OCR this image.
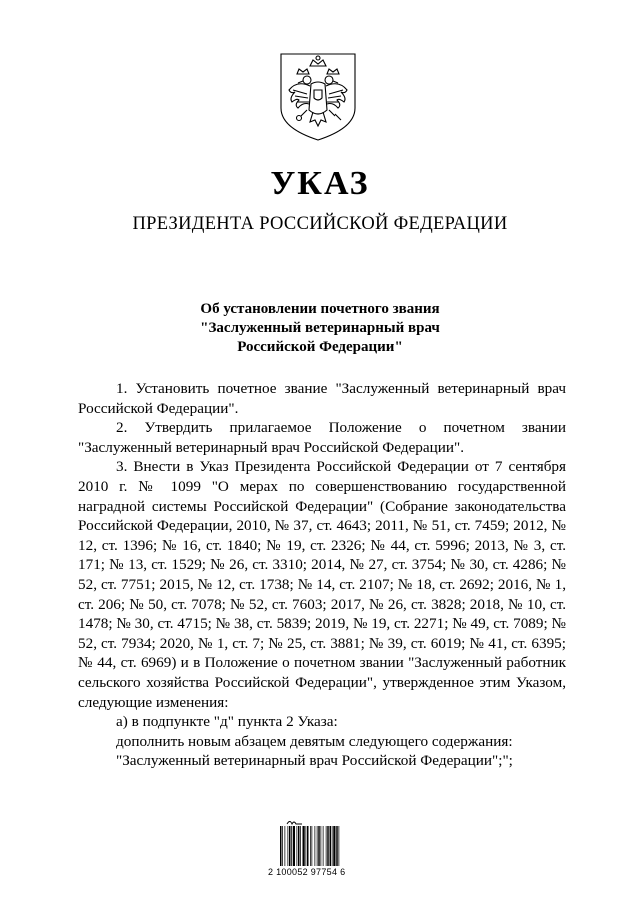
УКАЗ
ПРЕЗИДЕНТА РОССИЙСКОЙ ФЕДЕРАЦИИ
Об установлении почетного звания
"Заслуженный ветеринарный врач
Российской Федерации"

1. Установить почетное звание "Заслуженный ветеринарный врач Российской Федерации".

2. Утвердить прилагаемое Положение о почетном звании "Заслуженный ветеринарный врач Российской Федерации".

3. Внести в Указ Президента Российской Федерации от 7 сентября 2010 г. № 1099 "О мерах по совершенствованию государственной наградной системы Российской Федерации" (Собрание законодательства Российской Федерации, 2010, № 37, ст. 4643; 2011, № 51, ст. 7459; 2012, № 12, ст. 1396; № 16, ст. 1840; № 19, ст. 2326; № 44, ст. 5996; 2013, № 3, ст. 171; № 13, ст. 1529; № 26, ст. 3310; 2014, № 27, ст. 3754; № 30, ст. 4286; № 52, ст. 7751; 2015, № 12, ст. 1738; № 14, ст. 2107; № 18, ст. 2692; 2016, № 1, ст. 206; № 50, ст. 7078; № 52, ст. 7603; 2017, № 26, ст. 3828; 2018, № 10, ст. 1478; № 30, ст. 4715; № 38, ст. 5839; 2019, № 19, ст. 2271; № 49, ст. 7089; № 52, ст. 7934; 2020, № 1, ст. 7; № 25, ст. 3881; № 39, ст. 6019; № 41, ст. 6395; № 44, ст. 6969) и в Положение о почетном звании "Заслуженный работник сельского хозяйства Российской Федерации", утвержденное этим Указом, следующие изменения:

а) в подпункте "д" пункта 2 Указа:

дополнить новым абзацем девятым следующего содержания:

"Заслуженный ветеринарный врач Российской Федерации";";

2 100052 97754 6
